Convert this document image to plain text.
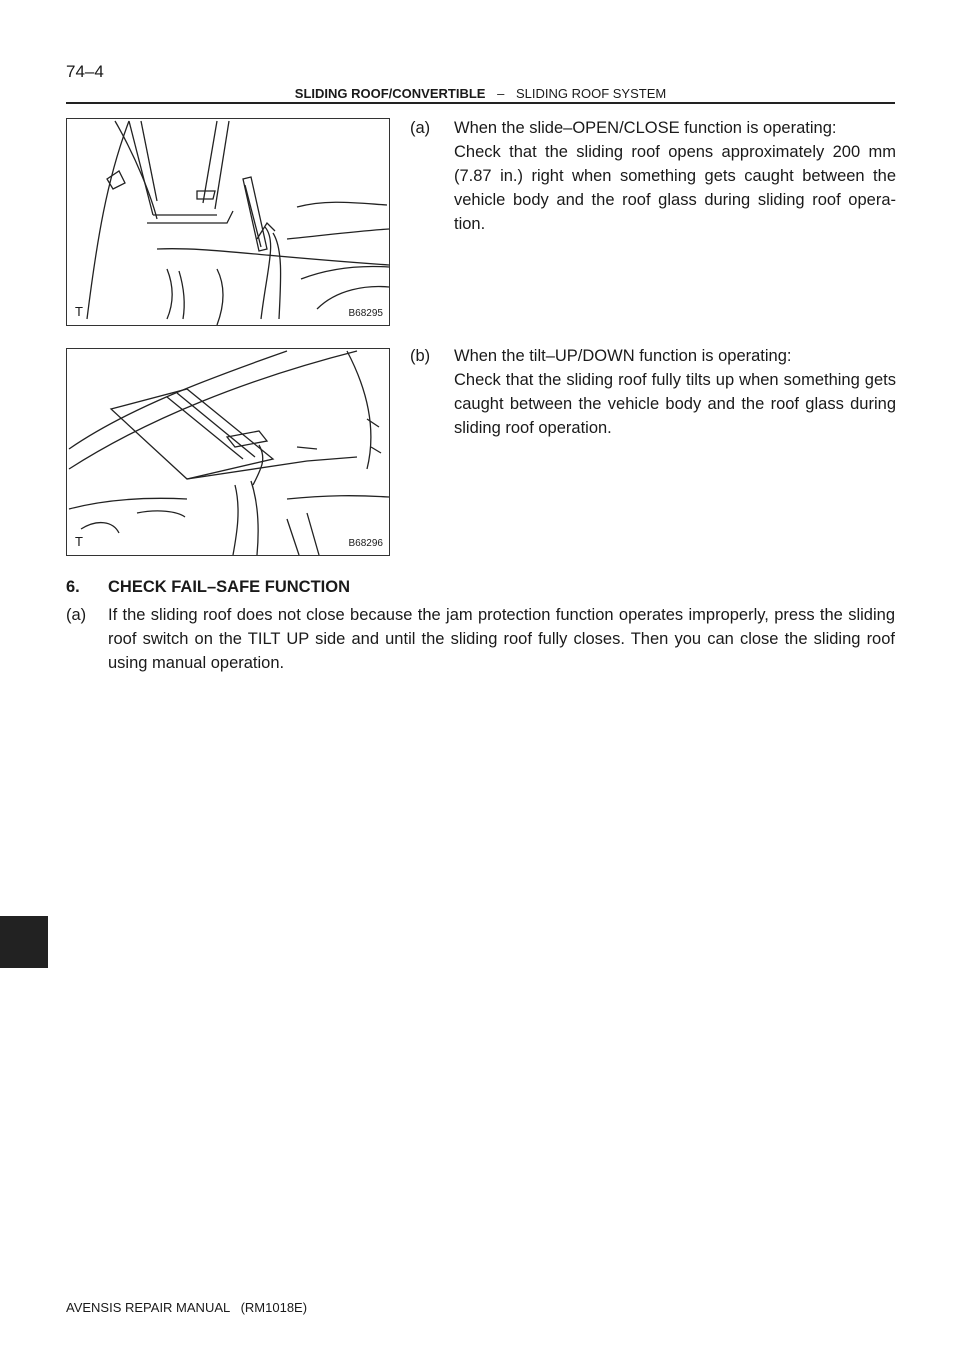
74–4
SLIDING ROOF/CONVERTIBLE – SLIDING ROOF SYSTEM
T	B68295
(a) When the slide–OPEN/CLOSE function is operating:
Check that the sliding roof opens approximately 200 mm (7.87 in.) right when something gets caught between the vehicle body and the roof glass during sliding roof opera-tion.
T	B68296
(b) When the tilt–UP/DOWN function is operating:
Check that the sliding roof fully tilts up when something gets caught between the vehicle body and the roof glass during sliding roof operation.
6. CHECK FAIL–SAFE FUNCTION
(a) If the sliding roof does not close because the jam protection function operates improperly, press the sliding roof switch on the TILT UP side and until the sliding roof fully closes. Then you can close the sliding roof using manual operation.
AVENSIS REPAIR MANUAL   (RM1018E)
